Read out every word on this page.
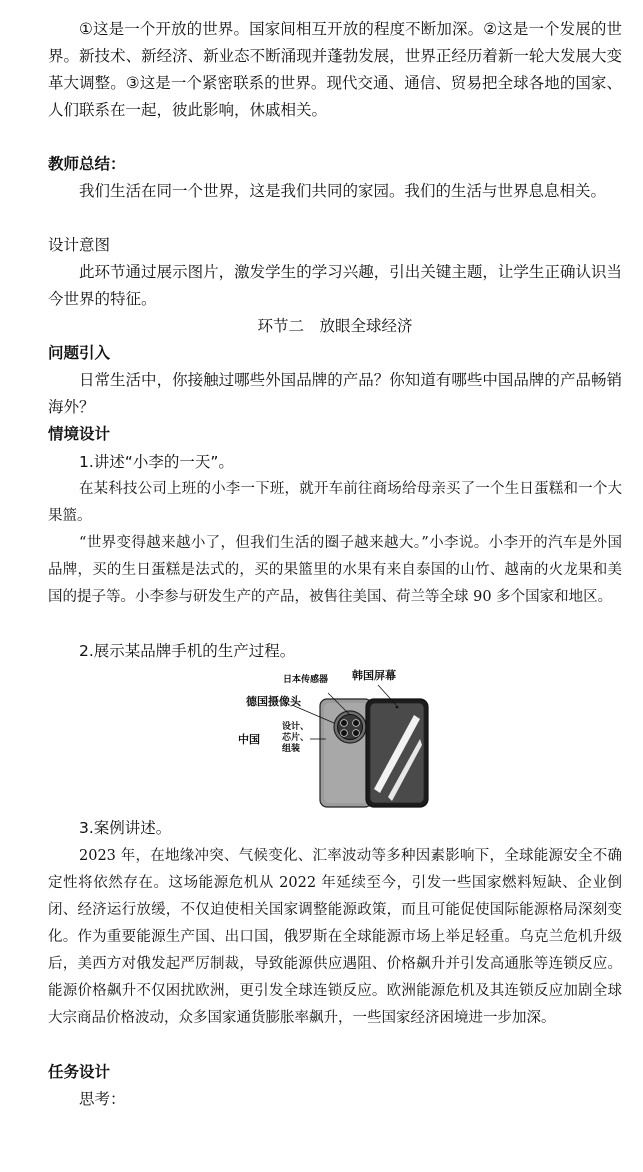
①这是一个开放的世界。国家间相互开放的程度不断加深。②这是一个发展的世界。新技术、新经济、新业态不断涌现并蓬勃发展，世界正经历着新一轮大发展大变革大调整。③这是一个紧密联系的世界。现代交通、通信、贸易把全球各地的国家、人们联系在一起，彼此影响，休戚相关。

教师总结：

我们生活在同一个世界，这是我们共同的家园。我们的生活与世界息息相关。

设计意图

此环节通过展示图片，激发学生的学习兴趣，引出关键主题，让学生正确认识当今世界的特征。

环节二　放眼全球经济

问题引入

日常生活中，你接触过哪些外国品牌的产品？你知道有哪些中国品牌的产品畅销海外？

情境设计

1.讲述“小李的一天”。

在某科技公司上班的小李一下班，就开车前往商场给母亲买了一个生日蛋糕和一个大果篮。

“世界变得越来越小了，但我们生活的圈子越来越大。”小李说。小李开的汽车是外国品牌，买的生日蛋糕是法式的，买的果篮里的水果有来自泰国的山竹、越南的火龙果和美国的提子等。小李参与研发生产的产品，被售往美国、荷兰等全球 90 多个国家和地区。

2.展示某品牌手机的生产过程。

日本传感器 韩国屏幕
德国摄像头
中国
设计、
芯片、
组装

3.案例讲述。

2023 年，在地缘冲突、气候变化、汇率波动等多种因素影响下，全球能源安全不确定性将依然存在。这场能源危机从 2022 年延续至今，引发一些国家燃料短缺、企业倒闭、经济运行放缓，不仅迫使相关国家调整能源政策，而且可能促使国际能源格局深刻变化。作为重要能源生产国、出口国，俄罗斯在全球能源市场上举足轻重。乌克兰危机升级后，美西方对俄发起严厉制裁，导致能源供应遇阻、价格飙升并引发高通胀等连锁反应。能源价格飙升不仅困扰欧洲，更引发全球连锁反应。欧洲能源危机及其连锁反应加剧全球大宗商品价格波动，众多国家通货膨胀率飙升，一些国家经济困境进一步加深。

任务设计

思考：
